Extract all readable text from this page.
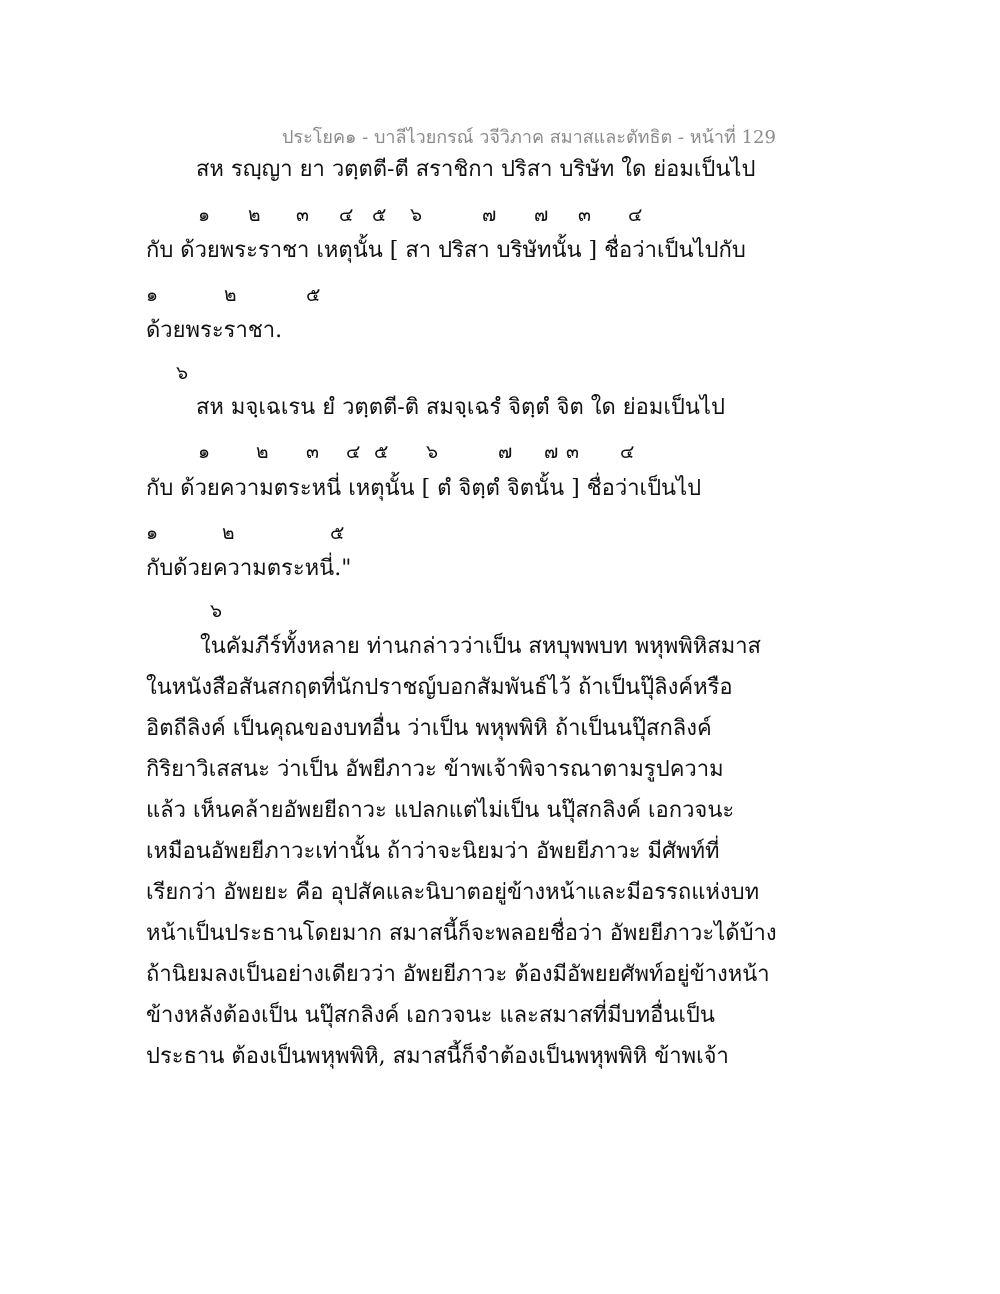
ประโยค๑ - บาลีไวยกรณ์ วจีวิภาค สมาสและตัทธิต - หน้าที่ 129
สห รญฺญา ยา วตฺตตี-ตี สราชิกา ปริสา บริษัท ใด ย่อมเป็นไป
๑ ๒ ๓ ๔ ๕ ๖	๗ ๗ ๓ ๔
กับ ด้วยพระราชา เหตุนั้น [ สา ปริสา บริษัทนั้น ] ชื่อว่าเป็นไปกับ
๑	๒	๕
ด้วยพระราชา.
๖
สห มจฺเฉเรน ยํ วตฺตตี-ติ สมจฺเฉรํ จิตฺตํ จิต ใด ย่อมเป็นไป
๑ ๒ ๓ ๔ ๕ ๖	๗ ๗ ๓ ๔
กับ ด้วยความตระหนี่ เหตุนั้น [ ตํ จิตฺตํ จิตนั้น ] ชื่อว่าเป็นไป
๑	๒	๕
กับด้วยความตระหนี่."
๖
ในคัมภีร์ทั้งหลาย ท่านกล่าวว่าเป็น สหบุพพบท พหุพพิหิสมาส
ในหนังสือสันสกฤตที่นักปราชญ์บอกสัมพันธ์ไว้ ถ้าเป็นปุ๊ลิงค์หรือ
อิตถีลิงค์ เป็นคุณของบทอื่น ว่าเป็น พหุพพิหิ ถ้าเป็นนปุ๊สกลิงค์
กิริยาวิเสสนะ ว่าเป็น อัพยีภาวะ ข้าพเจ้าพิจารณาตามรูปความ
แล้ว เห็นคล้ายอัพยยีถาวะ แปลกแต่ไม่เป็น นปุ๊สกลิงค์ เอกวจนะ
เหมือนอัพยยีภาวะเท่านั้น ถ้าว่าจะนิยมว่า อัพยยีภาวะ มีศัพท์ที่
เรียกว่า อัพยยะ คือ อุปสัคและนิบาตอยู่ข้างหน้าและมีอรรถแห่งบท
หน้าเป็นประธานโดยมาก สมาสนี้ก็จะพลอยชื่อว่า อัพยยีภาวะได้บ้าง
ถ้านิยมลงเป็นอย่างเดียวว่า อัพยยีภาวะ ต้องมีอัพยยศัพท์อยู่ข้างหน้า
ข้างหลังต้องเป็น นปุ๊สกลิงค์ เอกวจนะ และสมาสที่มีบทอื่นเป็น
ประธาน ต้องเป็นพหุพพิหิ, สมาสนี้ก็จำต้องเป็นพหุพพิหิ ข้าพเจ้า
